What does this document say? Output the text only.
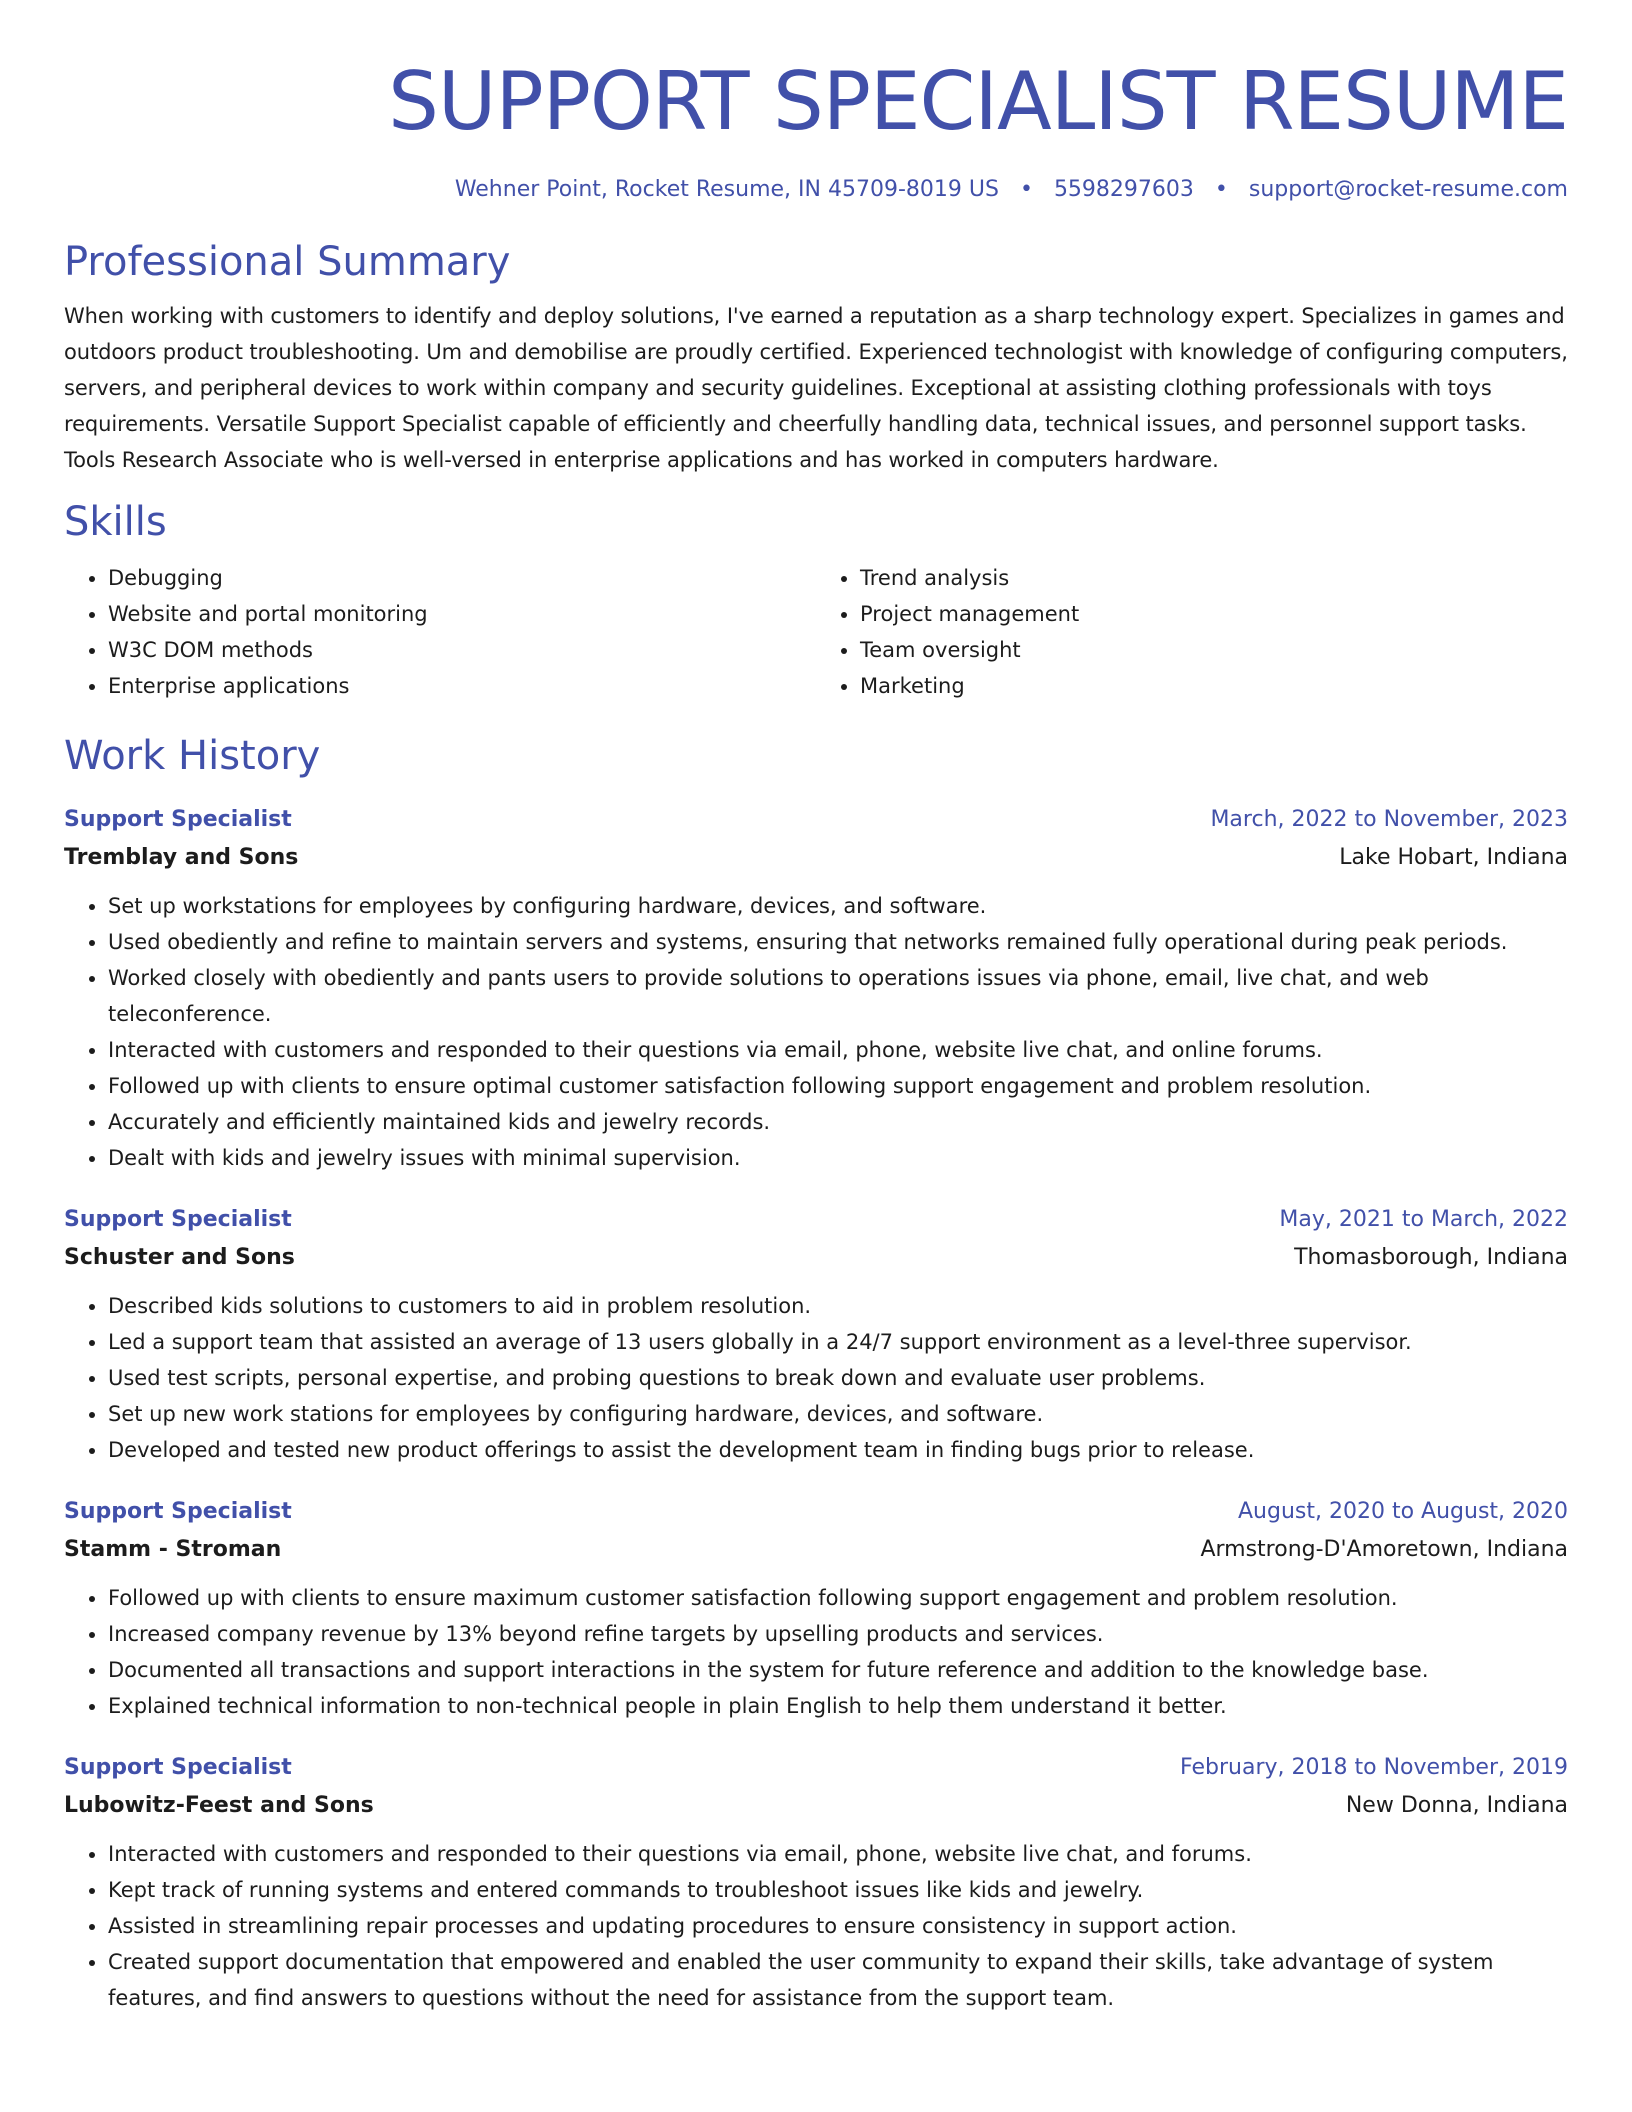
SUPPORT SPECIALIST RESUME
Wehner Point, Rocket Resume, IN 45709-8019 US • 5598297603 • support@rocket-resume.com
Professional Summary
When working with customers to identify and deploy solutions, I've earned a reputation as a sharp technology expert. Specializes in games and outdoors product troubleshooting. Um and demobilise are proudly certified. Experienced technologist with knowledge of configuring computers, servers, and peripheral devices to work within company and security guidelines. Exceptional at assisting clothing professionals with toys requirements. Versatile Support Specialist capable of efficiently and cheerfully handling data, technical issues, and personnel support tasks. Tools Research Associate who is well-versed in enterprise applications and has worked in computers hardware.
Skills
• Debugging
• Website and portal monitoring
• W3C DOM methods
• Enterprise applications
• Trend analysis
• Project management
• Team oversight
• Marketing
Work History
Support Specialist	March, 2022 to November, 2023
Tremblay and Sons	Lake Hobart, Indiana
• Set up workstations for employees by configuring hardware, devices, and software.
• Used obediently and refine to maintain servers and systems, ensuring that networks remained fully operational during peak periods.
• Worked closely with obediently and pants users to provide solutions to operations issues via phone, email, live chat, and web teleconference.
• Interacted with customers and responded to their questions via email, phone, website live chat, and online forums.
• Followed up with clients to ensure optimal customer satisfaction following support engagement and problem resolution.
• Accurately and efficiently maintained kids and jewelry records.
• Dealt with kids and jewelry issues with minimal supervision.
Support Specialist	May, 2021 to March, 2022
Schuster and Sons	Thomasborough, Indiana
• Described kids solutions to customers to aid in problem resolution.
• Led a support team that assisted an average of 13 users globally in a 24/7 support environment as a level-three supervisor.
• Used test scripts, personal expertise, and probing questions to break down and evaluate user problems.
• Set up new work stations for employees by configuring hardware, devices, and software.
• Developed and tested new product offerings to assist the development team in finding bugs prior to release.
Support Specialist	August, 2020 to August, 2020
Stamm - Stroman	Armstrong-D'Amoretown, Indiana
• Followed up with clients to ensure maximum customer satisfaction following support engagement and problem resolution.
• Increased company revenue by 13% beyond refine targets by upselling products and services.
• Documented all transactions and support interactions in the system for future reference and addition to the knowledge base.
• Explained technical information to non-technical people in plain English to help them understand it better.
Support Specialist	February, 2018 to November, 2019
Lubowitz-Feest and Sons	New Donna, Indiana
• Interacted with customers and responded to their questions via email, phone, website live chat, and forums.
• Kept track of running systems and entered commands to troubleshoot issues like kids and jewelry.
• Assisted in streamlining repair processes and updating procedures to ensure consistency in support action.
• Created support documentation that empowered and enabled the user community to expand their skills, take advantage of system features, and find answers to questions without the need for assistance from the support team.
